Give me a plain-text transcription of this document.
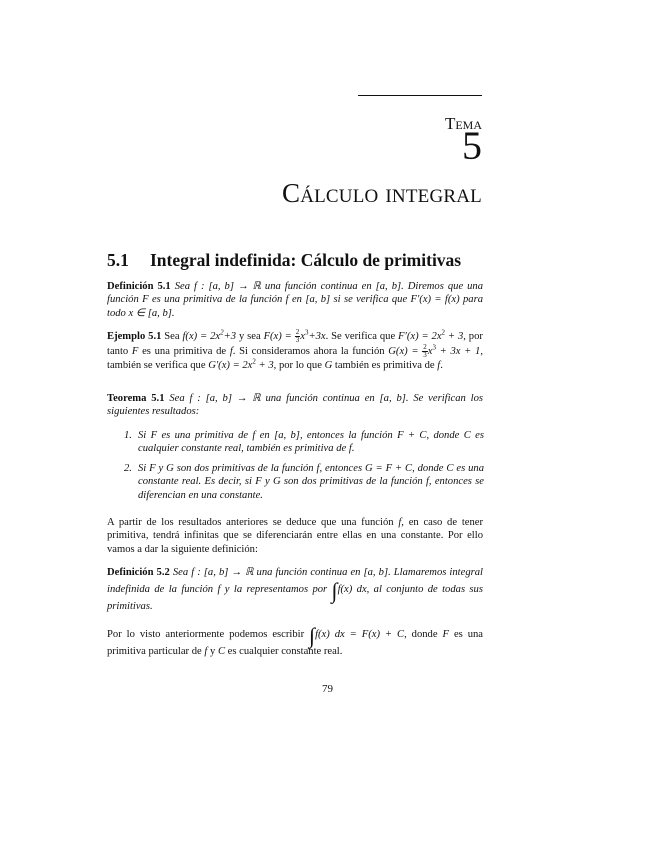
Tema
5
Cálculo integral
5.1 Integral indefinida: Cálculo de primitivas
Definición 5.1 Sea f : [a, b] → ℝ una función continua en [a, b]. Diremos que una función F es una primitiva de la función f en [a, b] si se verifica que F′(x) = f(x) para todo x ∈ [a, b].
Ejemplo 5.1 Sea $f(x) = 2x^2+3$ y sea $F(x) = \frac{2}{3} x^3+3x$. Se verifica que $F'(x) = 2x^2 + 3$, por tanto F es una primitiva de f. Si consideramos ahora la función $G(x) = \frac{2}{3} x^3 + 3x + 1$, también se verifica que $G'(x) = 2x^2 + 3$, por lo que G también es primitiva de f.
Teorema 5.1 Sea f : [a, b] → ℝ una función continua en [a, b]. Se verifican los siguientes resultados:
1. Si F es una primitiva de f en [a, b], entonces la función F + C, donde C es cualquier constante real, también es primitiva de f.
2. Si F y G son dos primitivas de la función f, entonces G = F + C, donde C es una constante real. Es decir, si F y G son dos primitivas de la función f, entonces se diferencian en una constante.
A partir de los resultados anteriores se deduce que una función f, en caso de tener primitiva, tendrá infinitas que se diferenciarán entre ellas en una constante. Por ello vamos a dar la siguiente definición:
Definición 5.2 Sea f : [a, b] → ℝ una función continua en [a, b]. Llamaremos integral indefinida de la función f y la representamos por ∫f(x) dx, al conjunto de todas sus primitivas.
Por lo visto anteriormente podemos escribir ∫f(x) dx = F(x) + C, donde F es una primitiva particular de f y C es cualquier constante real.
79
